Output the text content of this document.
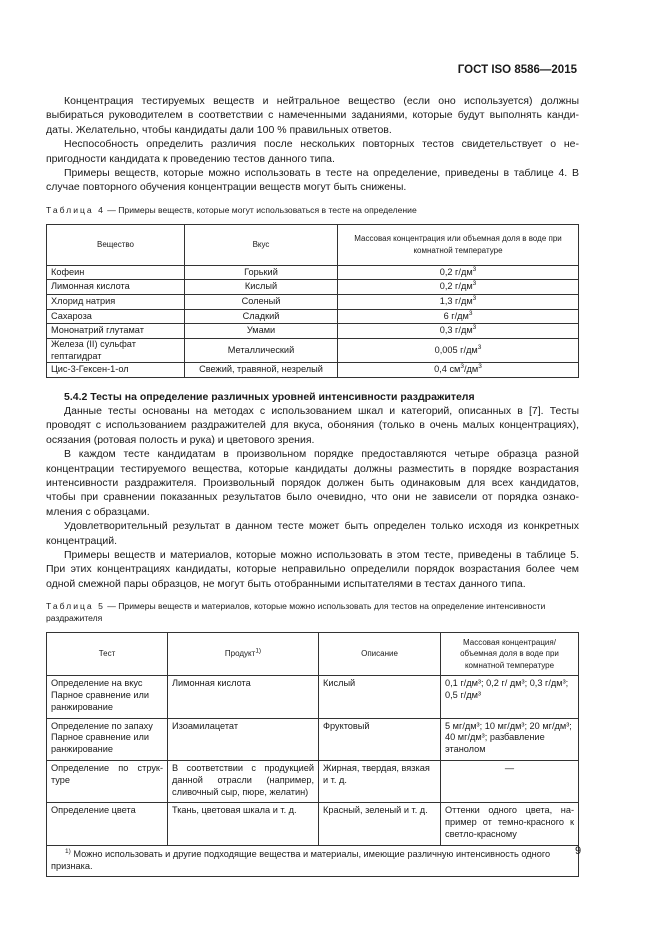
ГОСТ ISO 8586—2015

Концентрация тестируемых веществ и нейтральное вещество (если оно используется) должны выбираться руководителем в соответствии с намеченными заданиями, которые будут выполнять кандидаты. Желательно, чтобы кандидаты дали 100 % правильных ответов.

Неспособность определить различия после нескольких повторных тестов свидетельствует о непригодности кандидата к проведению тестов данного типа.

Примеры веществ, которые можно использовать в тесте на определение, приведены в таблице 4. В случае повторного обучения концентрации веществ могут быть снижены.

Таблица 4 — Примеры веществ, которые могут использоваться в тесте на определение
Вещество	Вкус	Массовая концентрация или объемная доля в воде при комнатной температуре
Кофеин	Горький	0,2 $г/дм^3$
Лимонная кислота	Кислый	0,2 $г/дм^3$
Хлорид натрия	Соленый	1,3 $г/дм^3$
Сахароза	Сладкий	6 $г/дм^3$
Мононатрий глутамат	Умами	0,3 $г/дм^3$
Железа (II) сульфат гептагидрат	Металлический	0,005 $г/дм^3$
Цис-3-Гексен-1-ол	Свежий, травяной, незрелый	0,4 $см^3/дм^3$
5.4.2 Тесты на определение различных уровней интенсивности раздражителя

Данные тесты основаны на методах с использованием шкал и категорий, описанных в [7]. Тесты проводят с использованием раздражителей для вкуса, обоняния (только в очень малых концентрациях), осязания (ротовая полость и рука) и цветового зрения.

В каждом тесте кандидатам в произвольном порядке предоставляются четыре образца разной концентрации тестируемого вещества, которые кандидаты должны разместить в порядке возрастания интенсивности раздражителя. Произвольный порядок должен быть одинаковым для всех кандидатов, чтобы при сравнении показанных результатов было очевидно, что они не зависели от порядка ознакомления с образцами.

Удовлетворительный результат в данном тесте может быть определен только исходя из конкретных концентраций.

Примеры веществ и материалов, которые можно использовать в этом тесте, приведены в таблице 5. При этих концентрациях кандидаты, которые неправильно определили порядок возрастания более чем одной смежной пары образцов, не могут быть отобранными испытателями в тестах данного типа.

Таблица 5 — Примеры веществ и материалов, которые можно использовать для тестов на определение интенсивности раздражителя
Тест	Продукт$^{1)}$	Описание	Массовая концентрация/ объемная доля в воде при комнатной температуре
Определение на вкус Парное сравнение или ранжирование	Лимонная кислота	Кислый	0,1 г/дм³; 0,2 г/ дм³; 0,3 г/дм³; 0,5 г/дм³
Определение по запаху Парное сравнение или ранжирование	Изоамилацетат	Фруктовый	5 мг/дм³; 10 мг/дм³; 20 мг/дм³; 40 мг/дм³; разбавление этанолом
Определение по структуре	В соответствии с продукцией данной отрасли (например, сливочный сыр, пюре, желатин)	Жирная, твердая, вязкая и т. д.	—
Определение цвета	Ткань, цветовая шкала и т. д.	Красный, зеленый и т. д.	Оттенки одного цвета, например от темно-красного к светло-красному
$^{1)}$ Можно использовать и другие подходящие вещества и материалы, имеющие различную интенсивность одного признака.			
9
